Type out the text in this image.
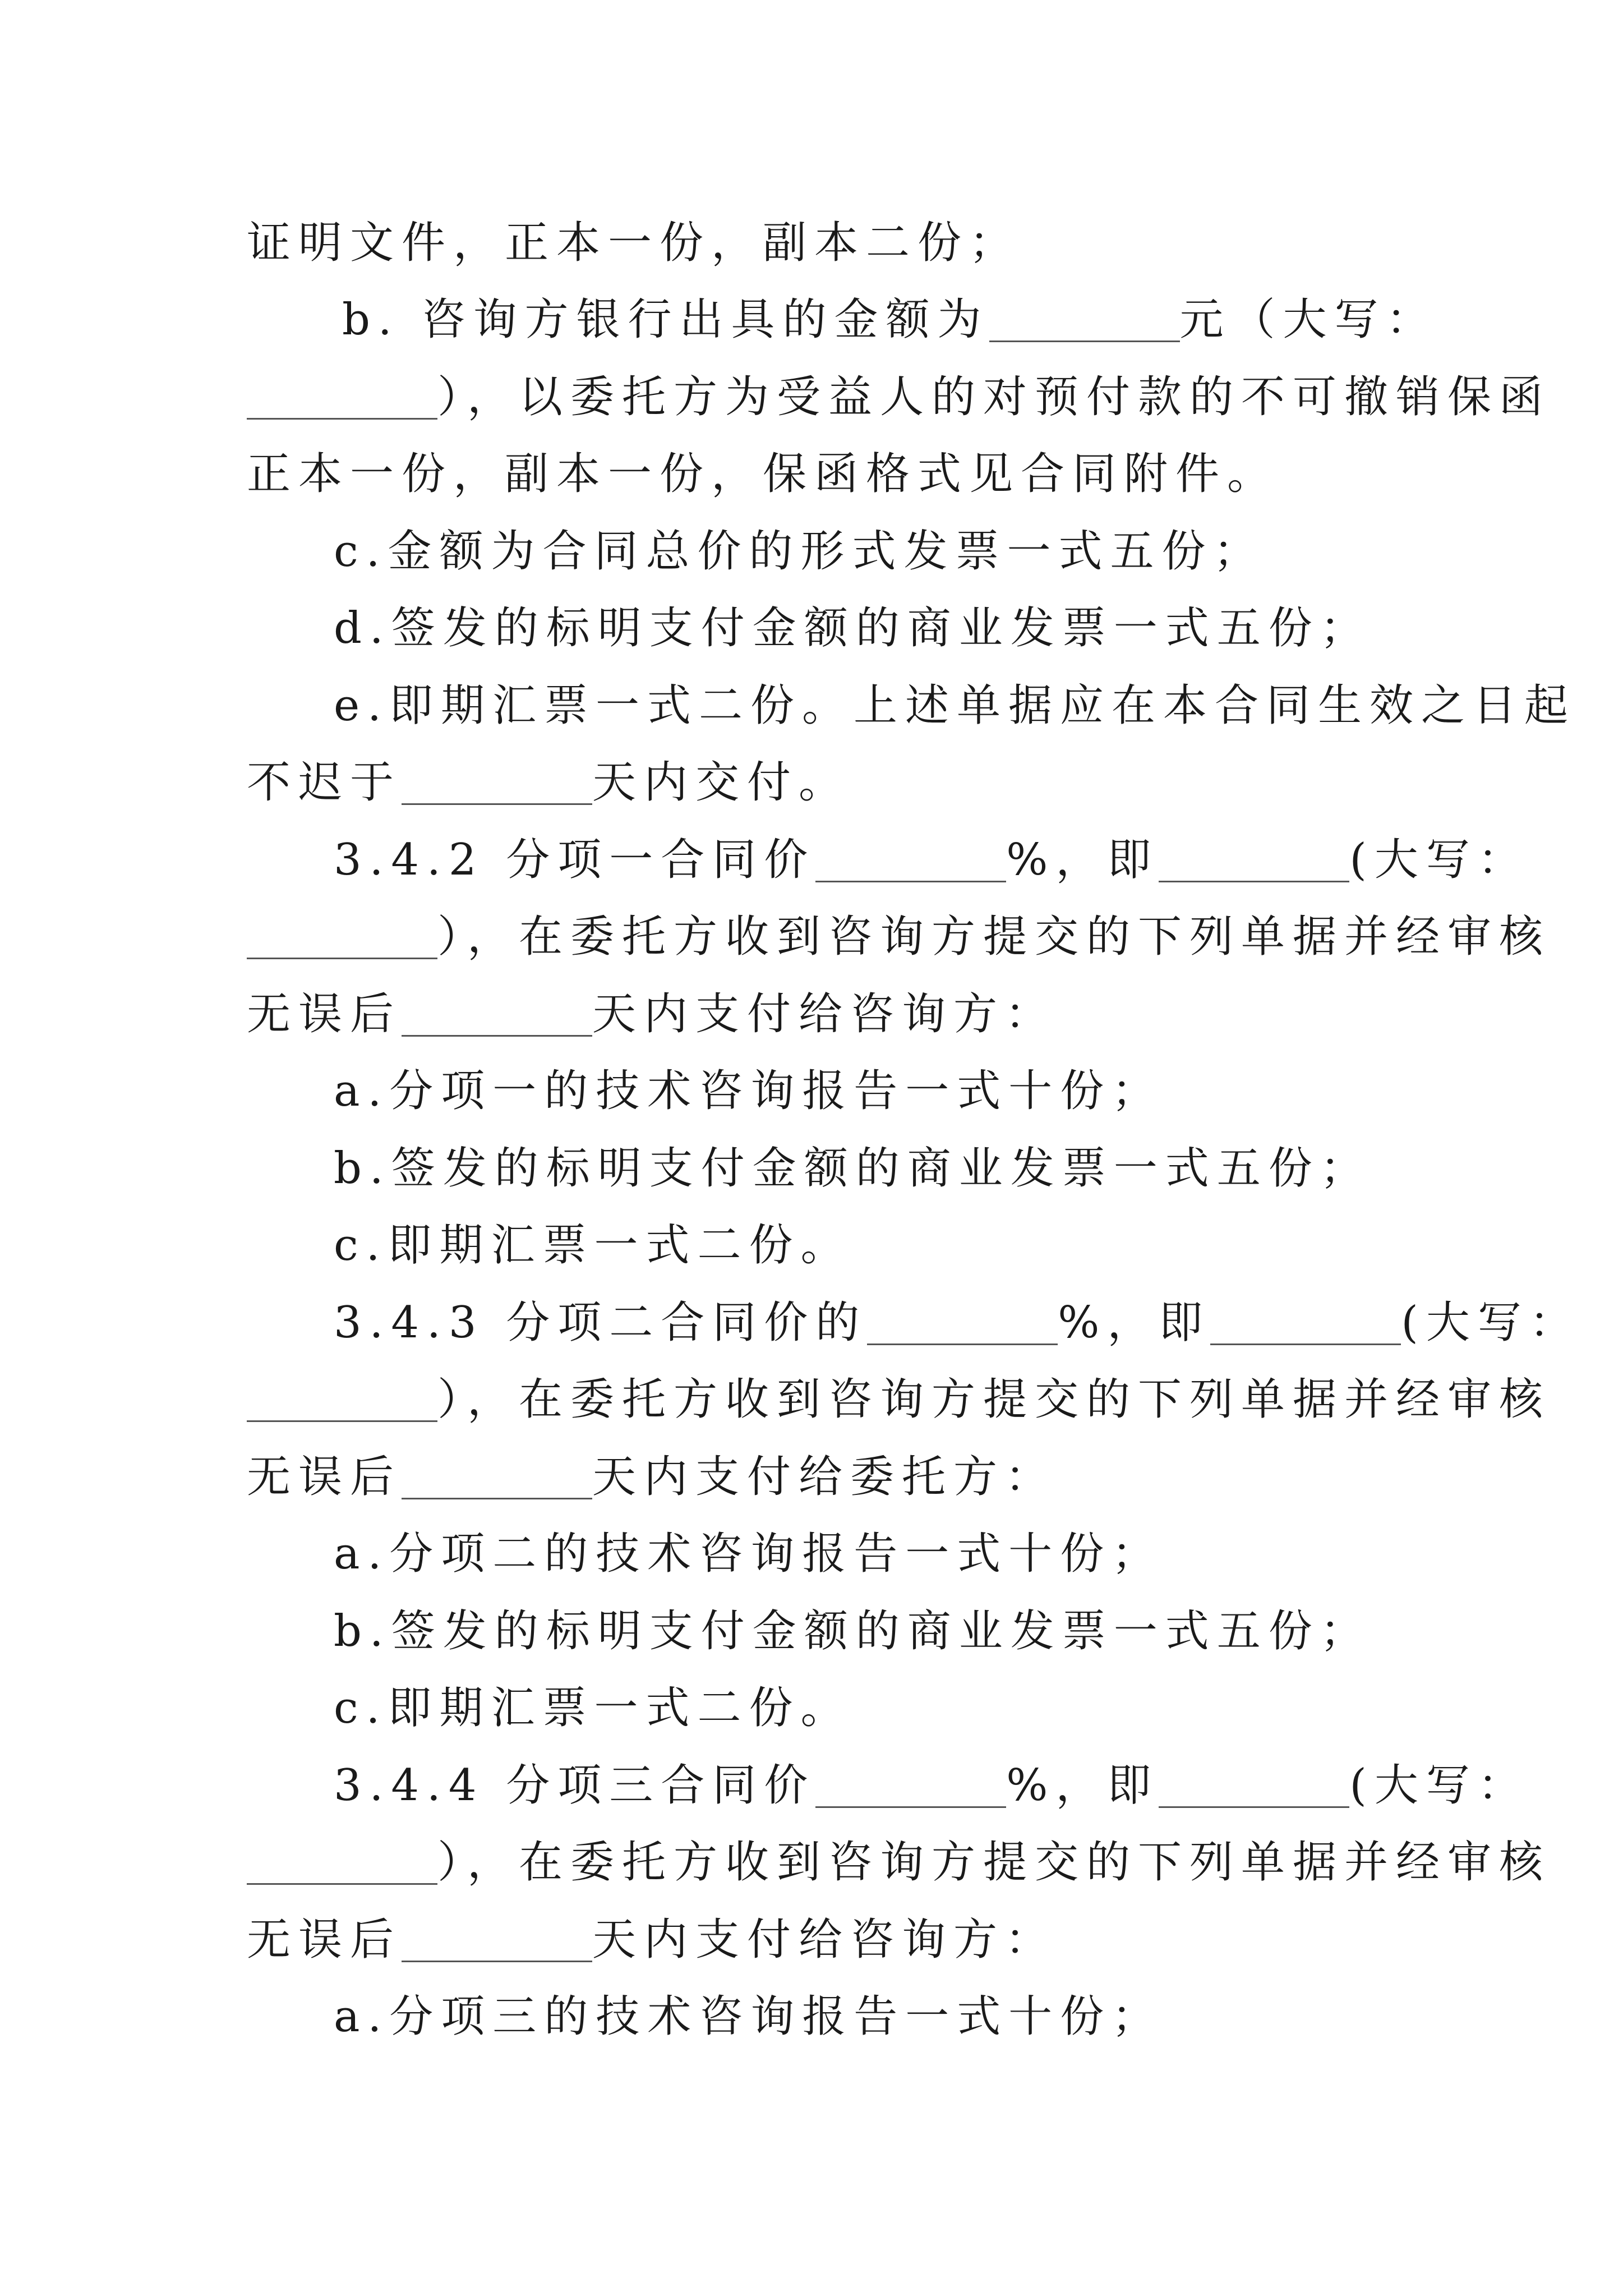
证明文件，正本一份，副本二份；
b. 咨询方银行出具的金额为	元（大写：
），以委托方为受益人的对预付款的不可撤销保函
正本一份，副本一份，保函格式见合同附件。
c.金额为合同总价的形式发票一式五份；
d.签发的标明支付金额的商业发票一式五份；
e.即期汇票一式二份。上述单据应在本合同生效之日起
不迟于	天内交付。
3.4.2 分项一合同价	%，即	(大写：
），在委托方收到咨询方提交的下列单据并经审核
无误后	天内支付给咨询方：
a.分项一的技术咨询报告一式十份；
b.签发的标明支付金额的商业发票一式五份；
c.即期汇票一式二份。
3.4.3 分项二合同价的	%，即	(大写：
），在委托方收到咨询方提交的下列单据并经审核
无误后	天内支付给委托方：
a.分项二的技术咨询报告一式十份；
b.签发的标明支付金额的商业发票一式五份；
c.即期汇票一式二份。
3.4.4 分项三合同价	%，即	(大写：
），在委托方收到咨询方提交的下列单据并经审核
无误后	天内支付给咨询方：
a.分项三的技术咨询报告一式十份；
